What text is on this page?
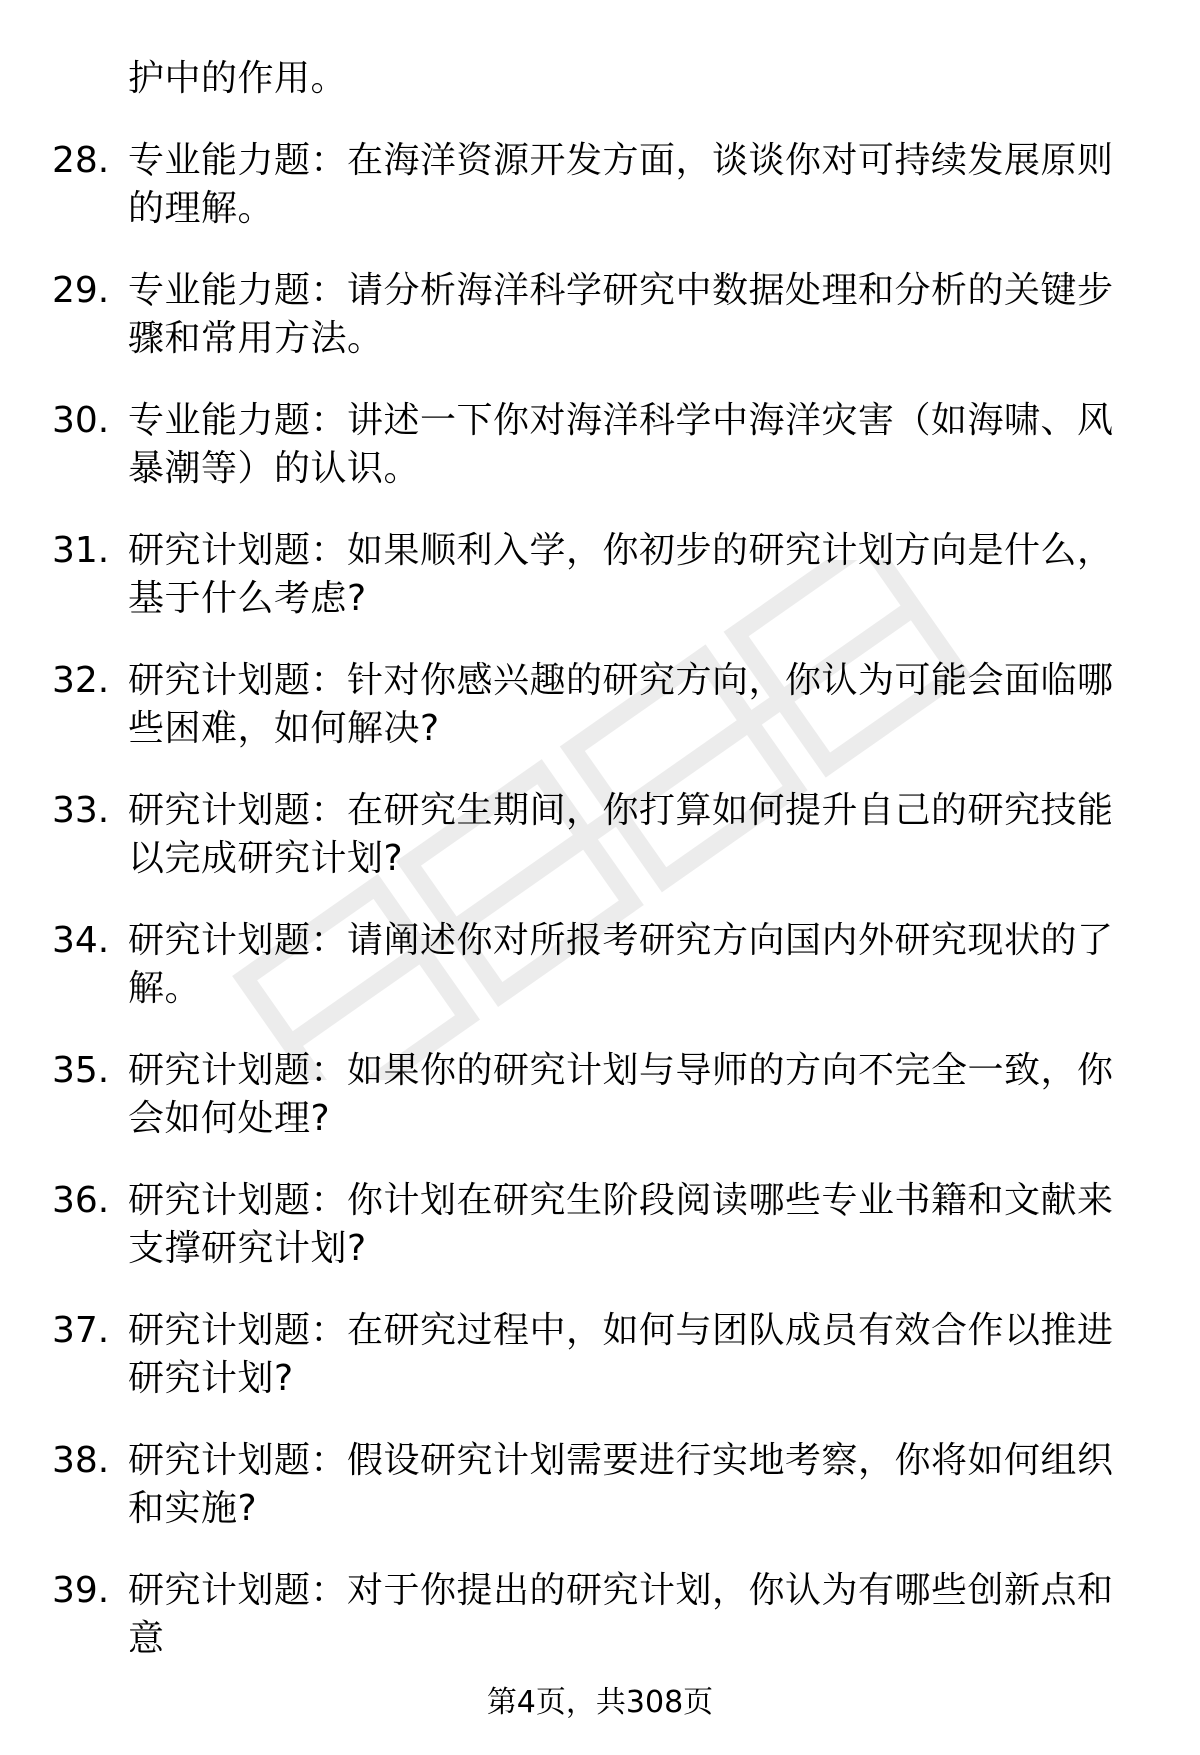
护中的作用。
28. 专业能力题：在海洋资源开发方面，谈谈你对可持续发展原则的理解。
29. 专业能力题：请分析海洋科学研究中数据处理和分析的关键步骤和常用方法。
30. 专业能力题：讲述一下你对海洋科学中海洋灾害（如海啸、风暴潮等）的认识。
31. 研究计划题：如果顺利入学，你初步的研究计划方向是什么，基于什么考虑?
32. 研究计划题：针对你感兴趣的研究方向，你认为可能会面临哪些困难，如何解决?
33. 研究计划题：在研究生期间，你打算如何提升自己的研究技能以完成研究计划?
34. 研究计划题：请阐述你对所报考研究方向国内外研究现状的了解。
35. 研究计划题：如果你的研究计划与导师的方向不完全一致，你会如何处理?
36. 研究计划题：你计划在研究生阶段阅读哪些专业书籍和文献来支撑研究计划?
37. 研究计划题：在研究过程中，如何与团队成员有效合作以推进研究计划?
38. 研究计划题：假设研究计划需要进行实地考察，你将如何组织和实施?
39. 研究计划题：对于你提出的研究计划，你认为有哪些创新点和意
第4页，共308页
